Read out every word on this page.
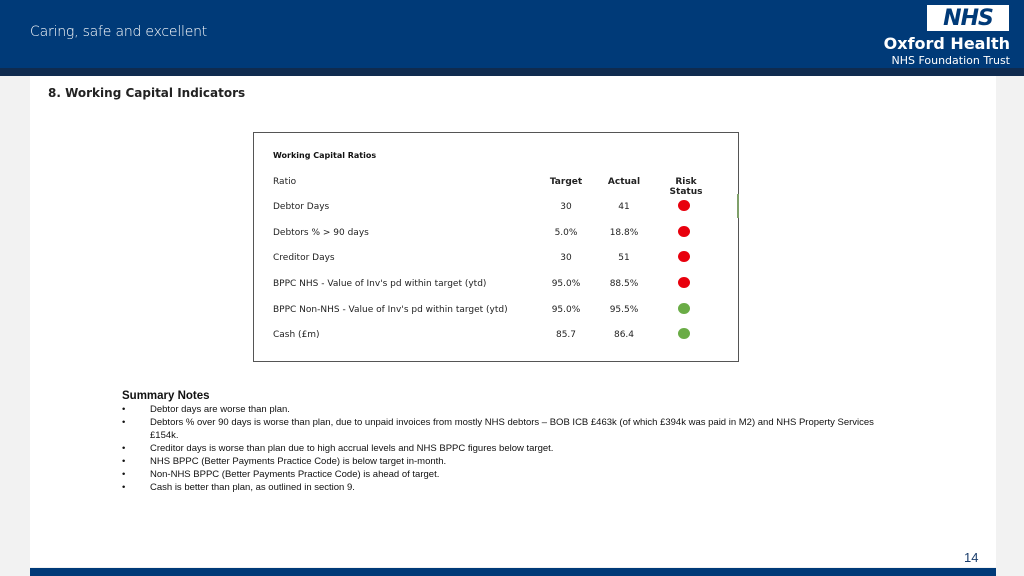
Caring, safe and excellent
NHS
Oxford Health
NHS Foundation Trust
8. Working Capital Indicators
Working Capital Ratios
Ratio	Target	Actual	Risk Status
Debtor Days	30	41
Debtors % > 90 days	5.0%	18.8%
Creditor Days	30	51
BPPC NHS - Value of Inv's pd within target (ytd)	95.0%	88.5%
BPPC Non-NHS - Value of Inv's pd within target (ytd)	95.0%	95.5%
Cash (£m)	85.7	86.4
Summary Notes
•	Debtor days are worse than plan.
•	Debtors % over 90 days is worse than plan, due to unpaid invoices from mostly NHS debtors – BOB ICB £463k (of which £394k was paid in M2) and NHS Property Services £154k.
•	Creditor days is worse than plan due to high accrual levels and NHS BPPC figures below target.
•	NHS BPPC (Better Payments Practice Code) is below target in-month.
•	Non-NHS BPPC (Better Payments Practice Code) is ahead of target.
•	Cash is better than plan, as outlined in section 9.
14
